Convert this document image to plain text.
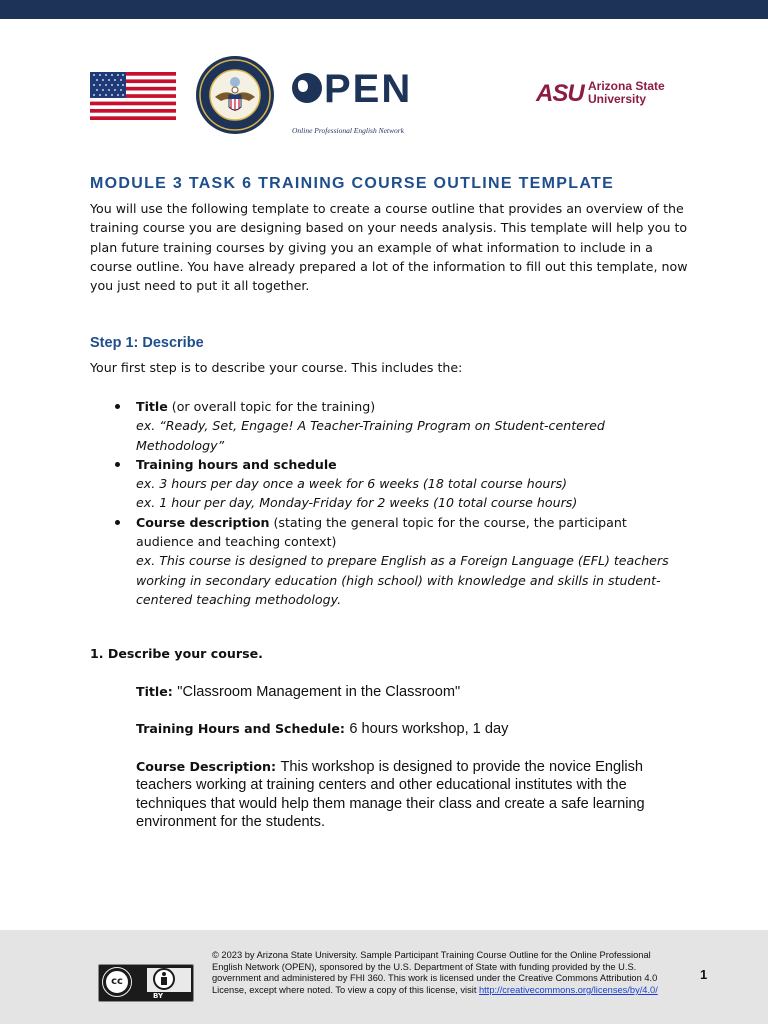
PEN
Online Professional English Network
ASU Arizona State
University
MODULE 3 TASK 6 TRAINING COURSE OUTLINE TEMPLATE

You will use the following template to create a course outline that provides an overview of the training course you are designing based on your needs analysis. This template will help you to plan future training courses by giving you an example of what information to include in a course outline. You have already prepared a lot of the information to fill out this template, now you just need to put it all together.

Step 1: Describe

Your first step is to describe your course. This includes the:

Title (or overall topic for the training)
ex. “Ready, Set, Engage! A Teacher-Training Program on Student-centered Methodology”
Training hours and schedule
ex. 3 hours per day once a week for 6 weeks (18 total course hours)
ex. 1 hour per day, Monday-Friday for 2 weeks (10 total course hours)
Course description (stating the general topic for the course, the participant audience and teaching context)
ex. This course is designed to prepare English as a Foreign Language (EFL) teachers working in secondary education (high school) with knowledge and skills in student-centered teaching methodology.
1. Describe your course.
Title: "Classroom Management in the Classroom"
Training Hours and Schedule: 6 hours workshop, 1 day
Course Description: This workshop is designed to provide the novice English teachers working at training centers and other educational institutes with the techniques that would help them manage their class and create a safe learning environment for the students.
cc
BY
© 2023 by Arizona State University. Sample Participant Training Course Outline for the Online Professional English Network (OPEN), sponsored by the U.S. Department of State with funding provided by the U.S. government and administered by FHI 360. This work is licensed under the Creative Commons Attribution 4.0 License, except where noted. To view a copy of this license, visit http://creativecommons.org/licenses/by/4.0/
1
